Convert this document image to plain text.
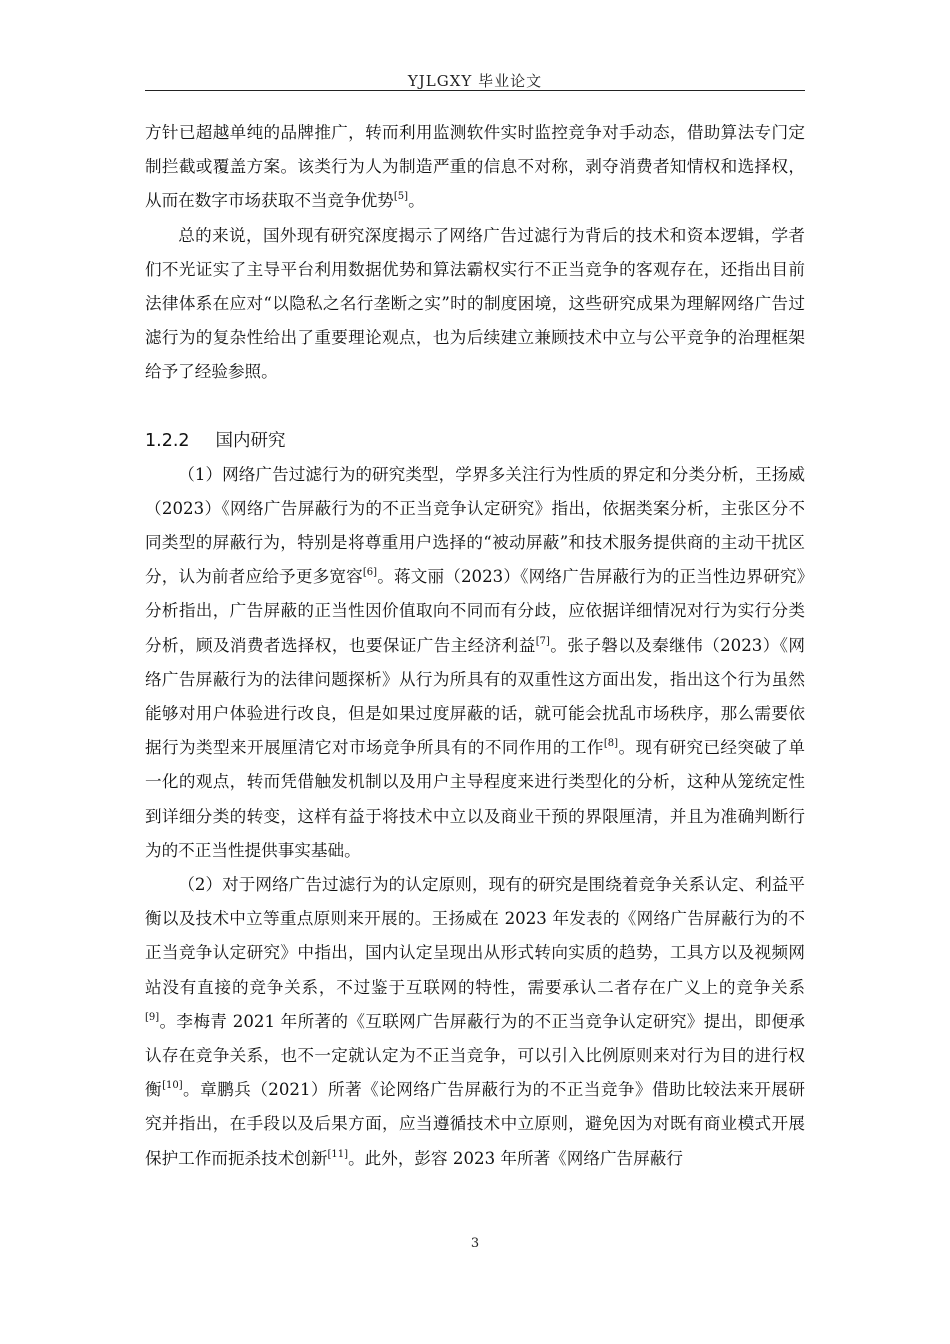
YJLGXY 毕业论文

方针已超越单纯的品牌推广，转而利用监测软件实时监控竞争对手动态，借助算法专门定制拦截或覆盖方案。该类行为人为制造严重的信息不对称，剥夺消费者知情权和选择权，从而在数字市场获取不当竞争优势[5]。

总的来说，国外现有研究深度揭示了网络广告过滤行为背后的技术和资本逻辑，学者们不光证实了主导平台利用数据优势和算法霸权实行不正当竞争的客观存在，还指出目前法律体系在应对“以隐私之名行垄断之实”时的制度困境，这些研究成果为理解网络广告过滤行为的复杂性给出了重要理论观点，也为后续建立兼顾技术中立与公平竞争的治理框架给予了经验参照。

1.2.2 国内研究

（1）网络广告过滤行为的研究类型，学界多关注行为性质的界定和分类分析，王扬威（2023）《网络广告屏蔽行为的不正当竞争认定研究》指出，依据类案分析，主张区分不同类型的屏蔽行为，特别是将尊重用户选择的“被动屏蔽”和技术服务提供商的主动干扰区分，认为前者应给予更多宽容[6]。蒋文丽（2023）《网络广告屏蔽行为的正当性边界研究》分析指出，广告屏蔽的正当性因价值取向不同而有分歧，应依据详细情况对行为实行分类分析，顾及消费者选择权，也要保证广告主经济利益[7]。张子磐以及秦继伟（2023）《网络广告屏蔽行为的法律问题探析》从行为所具有的双重性这方面出发，指出这个行为虽然能够对用户体验进行改良，但是如果过度屏蔽的话，就可能会扰乱市场秩序，那么需要依据行为类型来开展厘清它对市场竞争所具有的不同作用的工作[8]。现有研究已经突破了单一化的观点，转而凭借触发机制以及用户主导程度来进行类型化的分析，这种从笼统定性到详细分类的转变，这样有益于将技术中立以及商业干预的界限厘清，并且为准确判断行为的不正当性提供事实基础。

（2）对于网络广告过滤行为的认定原则，现有的研究是围绕着竞争关系认定、利益平衡以及技术中立等重点原则来开展的。王扬威在 2023 年发表的《网络广告屏蔽行为的不正当竞争认定研究》中指出，国内认定呈现出从形式转向实质的趋势，工具方以及视频网站没有直接的竞争关系，不过鉴于互联网的特性，需要承认二者存在广义上的竞争关系[9]。李梅青 2021 年所著的《互联网广告屏蔽行为的不正当竞争认定研究》提出，即便承认存在竞争关系，也不一定就认定为不正当竞争，可以引入比例原则来对行为目的进行权衡[10]。章鹏兵（2021）所著《论网络广告屏蔽行为的不正当竞争》借助比较法来开展研究并指出，在手段以及后果方面，应当遵循技术中立原则，避免因为对既有商业模式开展保护工作而扼杀技术创新[11]。此外，彭容 2023 年所著《网络广告屏蔽行

3
